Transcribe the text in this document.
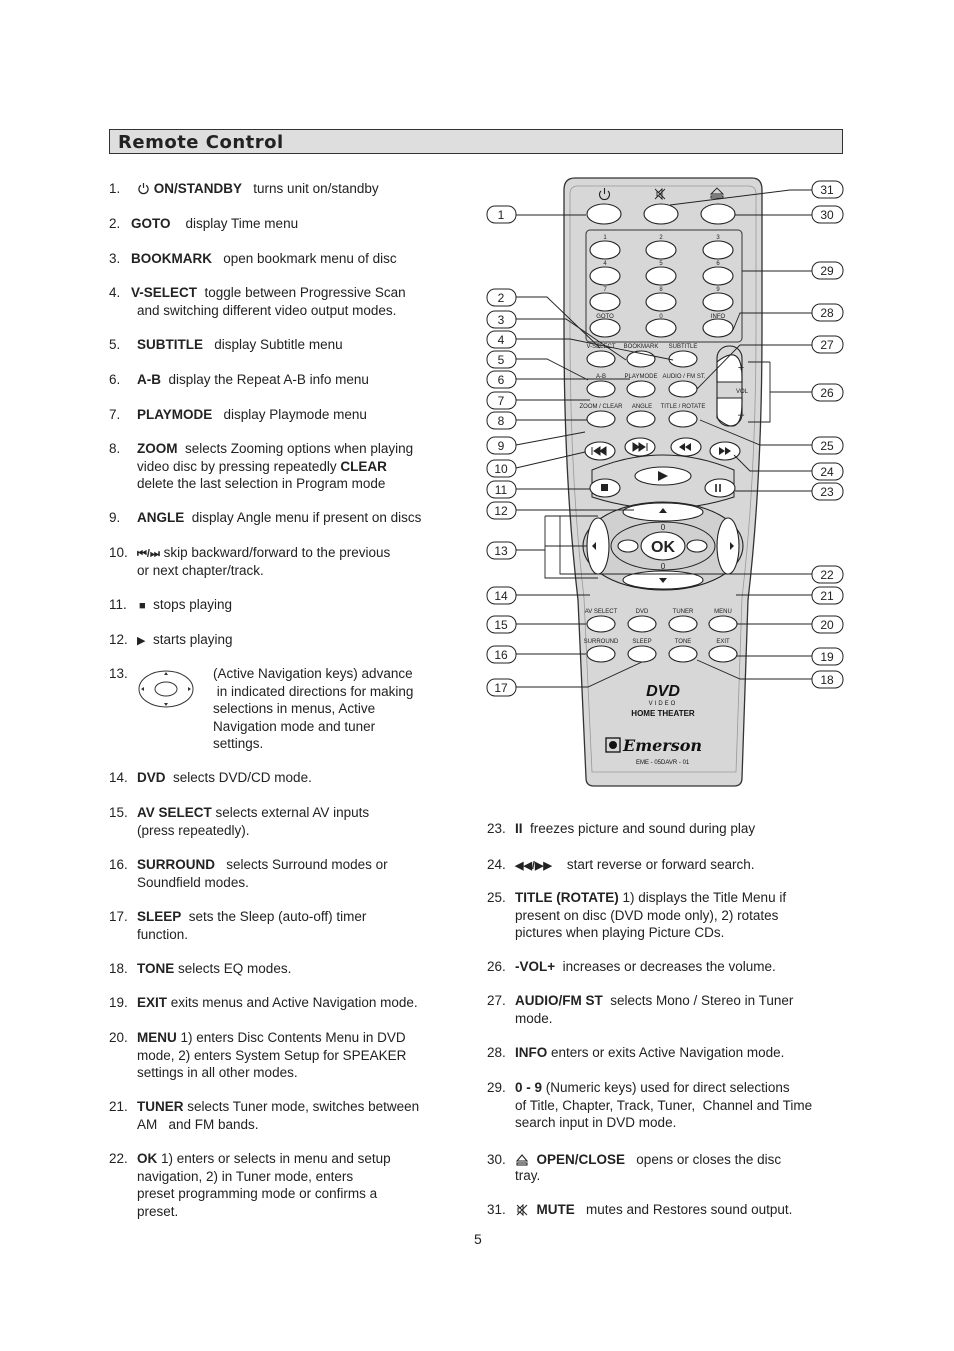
Remote Control
1.	ON/STANDBY turns unit on/standby
2. GOTO display Time menu
3. BOOKMARK open bookmark menu of disc
4. V-SELECT toggle between Progressive Scan
and switching different video output modes.
5.	SUBTITLE display Subtitle menu
6.	A-B display the Repeat A-B info menu
7.	PLAYMODE display Playmode menu
8.	ZOOM selects Zooming options when playing
video disc by pressing repeatedly CLEAR
delete the last selection in Program mode
9.	ANGLE display Angle menu if present on discs
10. ⏮/⏭ skip backward/forward to the previous
or next chapter/track.
11.	■ stops playing
12. ▶ starts playing
13.	(Active Navigation keys) advance
in indicated directions for making
selections in menus, Active
Navigation mode and tuner
settings.
14. DVD selects DVD/CD mode.
15. AV SELECT selects external AV inputs
(press repeatedly).
16. SURROUND selects Surround modes or
Soundfield modes.
17. SLEEP sets the Sleep (auto-off) timer
function.
18. TONE selects EQ modes.
19. EXIT exits menus and Active Navigation mode.
20. MENU 1) enters Disc Contents Menu in DVD
mode, 2) enters System Setup for SPEAKER
settings in all other modes.
21. TUNER selects Tuner mode, switches between
AM   and FM bands.
22. OK 1) enters or selects in menu and setup
navigation, 2) in Tuner mode, enters
preset programming mode or confirms a
preset.
23. II freezes picture and sound during play
24. ◀◀/▶▶ start reverse or forward search.
25. TITLE (ROTATE) 1) displays the Title Menu if
present on disc (DVD mode only), 2) rotates
pictures when playing Picture CDs.
26. -VOL+ increases or decreases the volume.
27. AUDIO/FM ST selects Mono / Stereo in Tuner
mode.
28. INFO enters or exits Active Navigation mode.
29. 0 - 9 (Numeric keys) used for direct selections
of Title, Chapter, Track, Tuner,  Channel and Time
search input in DVD mode.
30.	OPEN/CLOSE opens or closes the disc
tray.
31.	MUTE mutes and Restores sound output.
5
1	2	3
4	5	6
7	8	9
GOTO	0	INFO
V-SELECT BOOKMARK SUBTITLE
A-B	PLAYMODE AUDIO / FM ST.
ZOOM / CLEAR ANGLE TITLE / ROTATE
+
VOL
–
OK
0
0
AV SELECT	DVD	TUNER	MENU
SURROUND SLEEP	TONE	EXIT
DVD
VIDEO
HOME THEATER
Emerson
EME - 05DAVR - 01
1
2
3
4
5
6
7
8
9
10
11
12
13
14
15
16
17
31
30
29
28
27
26
25
24
23
22
21
20
19
18
